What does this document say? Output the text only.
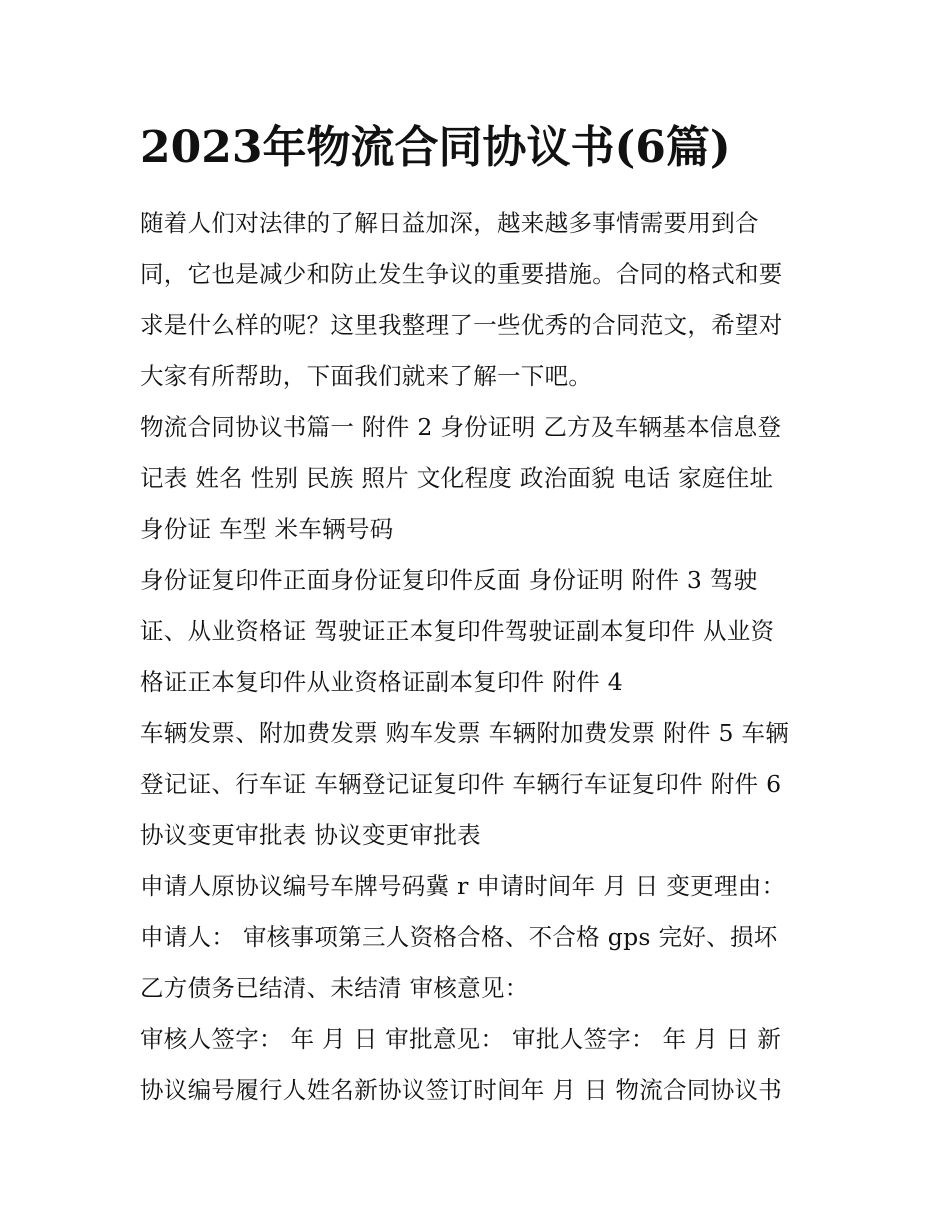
2023年物流合同协议书(6篇)
随着人们对法律的了解日益加深，越来越多事情需要用到合
同，它也是减少和防止发生争议的重要措施。合同的格式和要
求是什么样的呢？这里我整理了一些优秀的合同范文，希望对
大家有所帮助，下面我们就来了解一下吧。
物流合同协议书篇一 附件 2 身份证明 乙方及车辆基本信息登
记表 姓名 性别 民族 照片 文化程度 政治面貌 电话 家庭住址
身份证 车型 米车辆号码
身份证复印件正面身份证复印件反面 身份证明 附件 3 驾驶
证、从业资格证 驾驶证正本复印件驾驶证副本复印件 从业资
格证正本复印件从业资格证副本复印件 附件 4
车辆发票、附加费发票 购车发票 车辆附加费发票 附件 5 车辆
登记证、行车证 车辆登记证复印件 车辆行车证复印件 附件 6
协议变更审批表 协议变更审批表
申请人原协议编号车牌号码冀 r 申请时间年 月 日 变更理由：
申请人： 审核事项第三人资格合格、不合格 gps 完好、损坏
乙方债务已结清、未结清 审核意见：
审核人签字： 年 月 日 审批意见： 审批人签字： 年 月 日 新
协议编号履行人姓名新协议签订时间年 月 日 物流合同协议书
